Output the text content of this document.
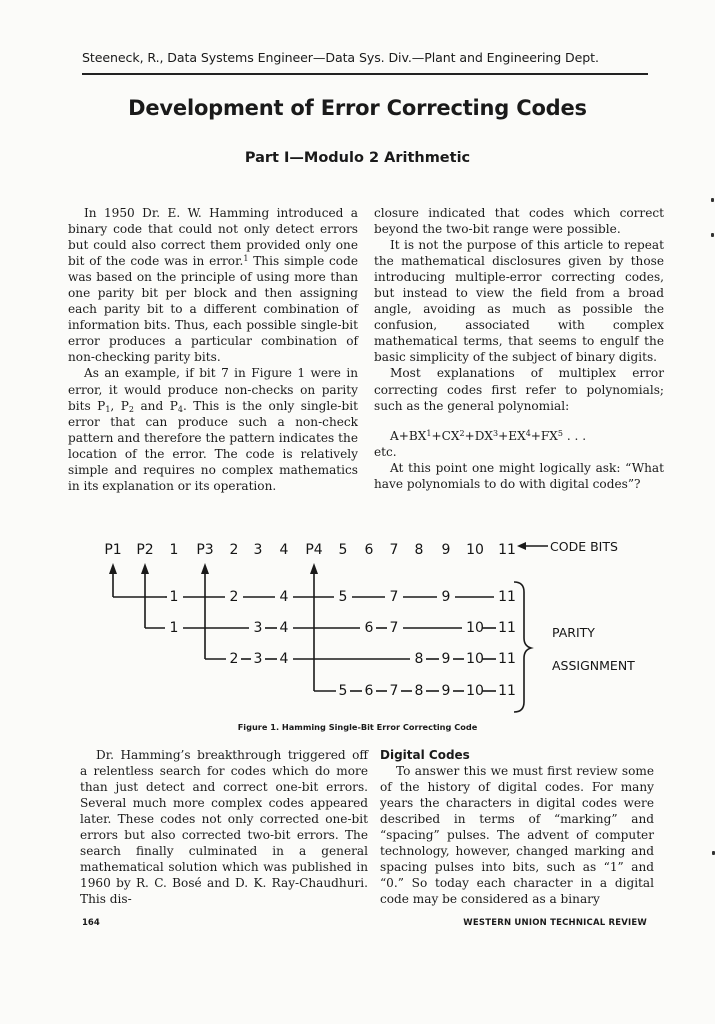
Steeneck, R., Data Systems Engineer—Data Sys. Div.—Plant and Engineering Dept.
Development of Error Correcting Codes
Part I—Modulo 2 Arithmetic

In 1950 Dr. E. W. Hamming introduced a binary code that could not only detect errors but could also correct them provided only one bit of the code was in error.$^1$ This simple code was based on the principle of using more than one parity bit per block and then assigning each parity bit to a different combination of information bits. Thus, each possible single-bit error produces a particular combination of non-checking parity bits.

As an example, if bit 7 in Figure 1 were in error, it would produce non-checks on parity bits $P_1$, $P_2$ and $P_4$. This is the only single-bit error that can produce such a non-check pattern and therefore the pattern indicates the location of the error. The code is relatively simple and requires no complex mathematics in its explanation or its operation.

closure indicated that codes which correct beyond the two-bit range were possible.

It is not the purpose of this article to repeat the mathematical disclosures given by those introducing multiple-error correcting codes, but instead to view the field from a broad angle, avoiding as much as possible the confusion, associated with complex mathematical terms, that seems to engulf the basic simplicity of the subject of binary digits.

Most explanations of multiplex error correcting codes first refer to polynomials; such as the general polynomial:

$A+BX^1+CX^2+DX^3+EX^4+FX^5$ . . .

etc.

At this point one might logically ask: “What have polynomials to do with digital codes”?

P1 P2 1 P3 2 3 4 P4 5 6 7 8 9 10 11	CODE BITS
1	2	4	5	7	9	11
1	3 4	6 7	10 11
2 3 4	8 9 10 11
5 6 7 8 9 10 11
PARITY
ASSIGNMENT
Figure 1. Hamming Single-Bit Error Correcting Code

Dr. Hamming’s breakthrough triggered off a relentless search for codes which do more than just detect and correct one-bit errors. Several much more complex codes appeared later. These codes not only corrected one-bit errors but also corrected two-bit errors. The search finally culminated in a general mathematical solution which was published in 1960 by R. C. Bosé and D. K. Ray-Chaudhuri. This dis-

Digital Codes

To answer this we must first review some of the history of digital codes. For many years the characters in digital codes were described in terms of “marking” and “spacing” pulses. The advent of computer technology, however, changed marking and spacing pulses into bits, such as “1” and “0.” So today each character in a digital code may be considered as a binary

164	WESTERN UNION TECHNICAL REVIEW
